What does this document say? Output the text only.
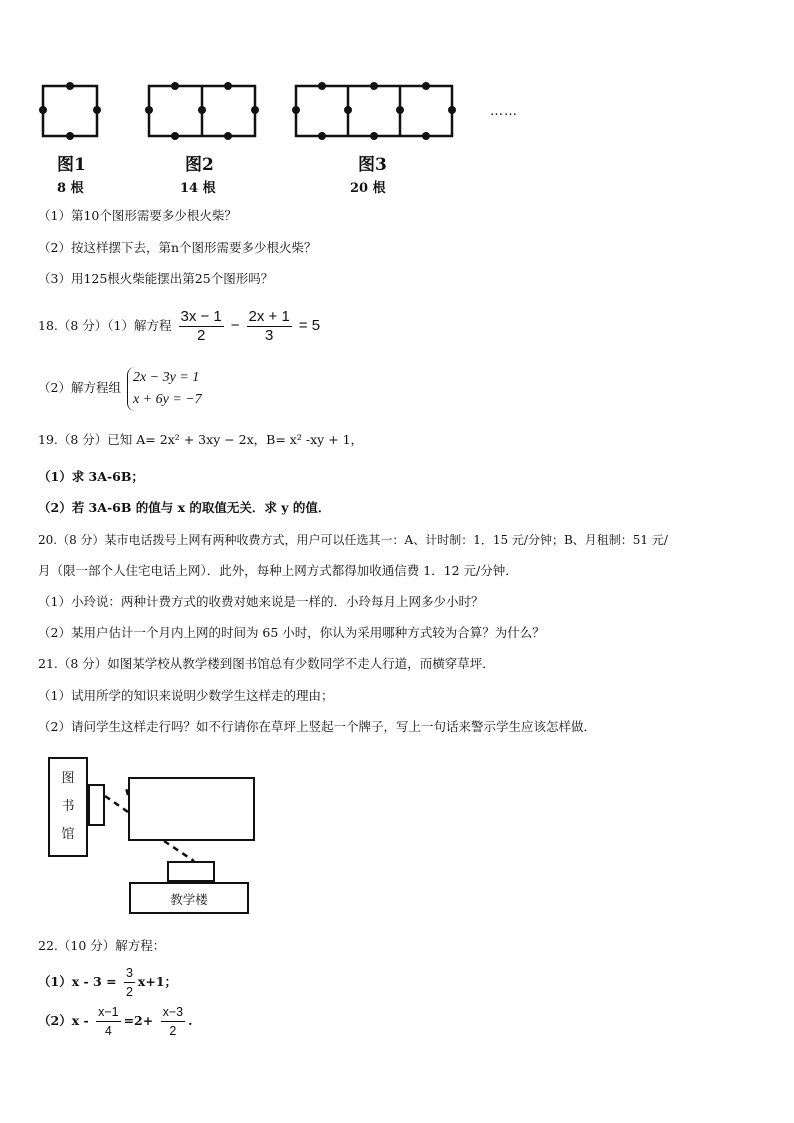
……
图1	图2	图3
8 根	14 根	20 根
（1）第10个图形需要多少根火柴？
（2）按这样摆下去，第n个图形需要多少根火柴？
（3）用125根火柴能摆出第25个图形吗？
18.（8 分）（1）解方程 $\frac{3x - 1}{2} - \frac{2x + 1}{3} = 5$
（2）解方程组
2x − 3y = 1
x + 6y = −7
19.（8 分）已知 A= 2x² + 3xy − 2x，B= x² -xy + 1，
（1）求 3A-6B；
（2）若 3A-6B 的值与 x 的取值无关．求 y 的值．
20.（8 分）某市电话拨号上网有两种收费方式，用户可以任选其一：A、计时制：1．15 元/分钟；B、月租制：51 元/
月（限一部个人住宅电话上网）．此外，每种上网方式都得加收通信费 1．12 元/分钟．
（1）小玲说：两种计费方式的收费对她来说是一样的．小玲每月上网多少小时？
（2）某用户估计一个月内上网的时间为 65 小时，你认为采用哪种方式较为合算？为什么？
21.（8 分）如图某学校从教学楼到图书馆总有少数同学不走人行道，而横穿草坪．
（1）试用所学的知识来说明少数学生这样走的理由；
（2）请问学生这样走行吗？如不行请你在草坪上竖起一个牌子，写上一句话来警示学生应该怎样做．
图
书
馆
教学楼
22.（10 分）解方程：
$(1)x - 3 = \frac{3}{2} x+1$；
$(2)x - \frac{x-1}{4} =2+ \frac{x-3}{2}$ .
